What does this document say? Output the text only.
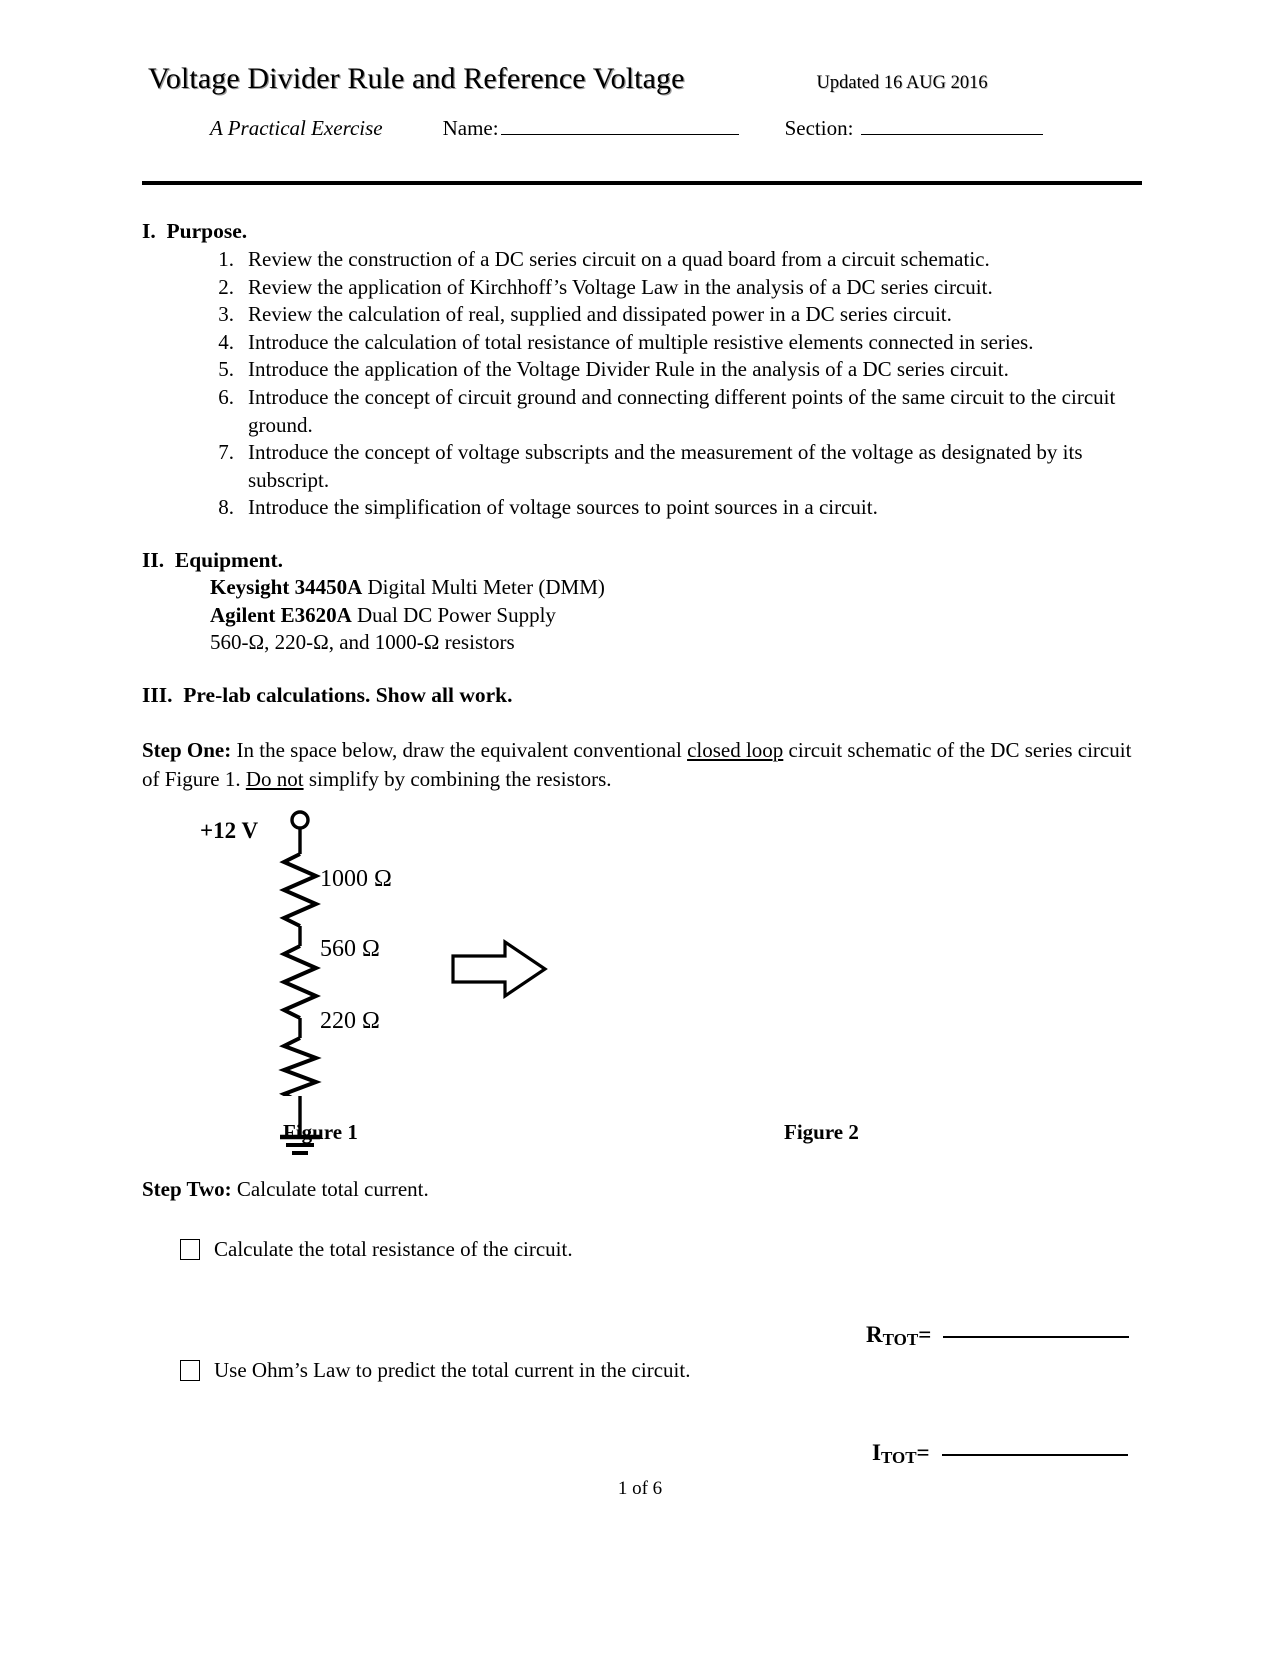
Voltage Divider Rule and Reference Voltage	Updated 16 AUG 2016
A Practical Exercise	Name:	Section:
I. Purpose.
1. Review the construction of a DC series circuit on a quad board from a circuit schematic.
2. Review the application of Kirchhoff’s Voltage Law in the analysis of a DC series circuit.
3. Review the calculation of real, supplied and dissipated power in a DC series circuit.
4. Introduce the calculation of total resistance of multiple resistive elements connected in series.
5. Introduce the application of the Voltage Divider Rule in the analysis of a DC series circuit.
6. Introduce the concept of circuit ground and connecting different points of the same circuit to the circuit ground.
7. Introduce the concept of voltage subscripts and the measurement of the voltage as designated by its subscript.
8. Introduce the simplification of voltage sources to point sources in a circuit.
II. Equipment.
Keysight 34450A Digital Multi Meter (DMM)
Agilent E3620A Dual DC Power Supply
560-Ω, 220-Ω, and 1000-Ω resistors
III. Pre-lab calculations. Show all work.
Step One: In the space below, draw the equivalent conventional closed loop circuit schematic of the DC series circuit of Figure 1. Do not simplify by combining the resistors.
+12 V
1000 Ω
560 Ω
220 Ω
Figure 1	Figure 2
Step Two: Calculate total current.
Calculate the total resistance of the circuit.
R TOT =
Use Ohm’s Law to predict the total current in the circuit.
I TOT =
1 of 6
